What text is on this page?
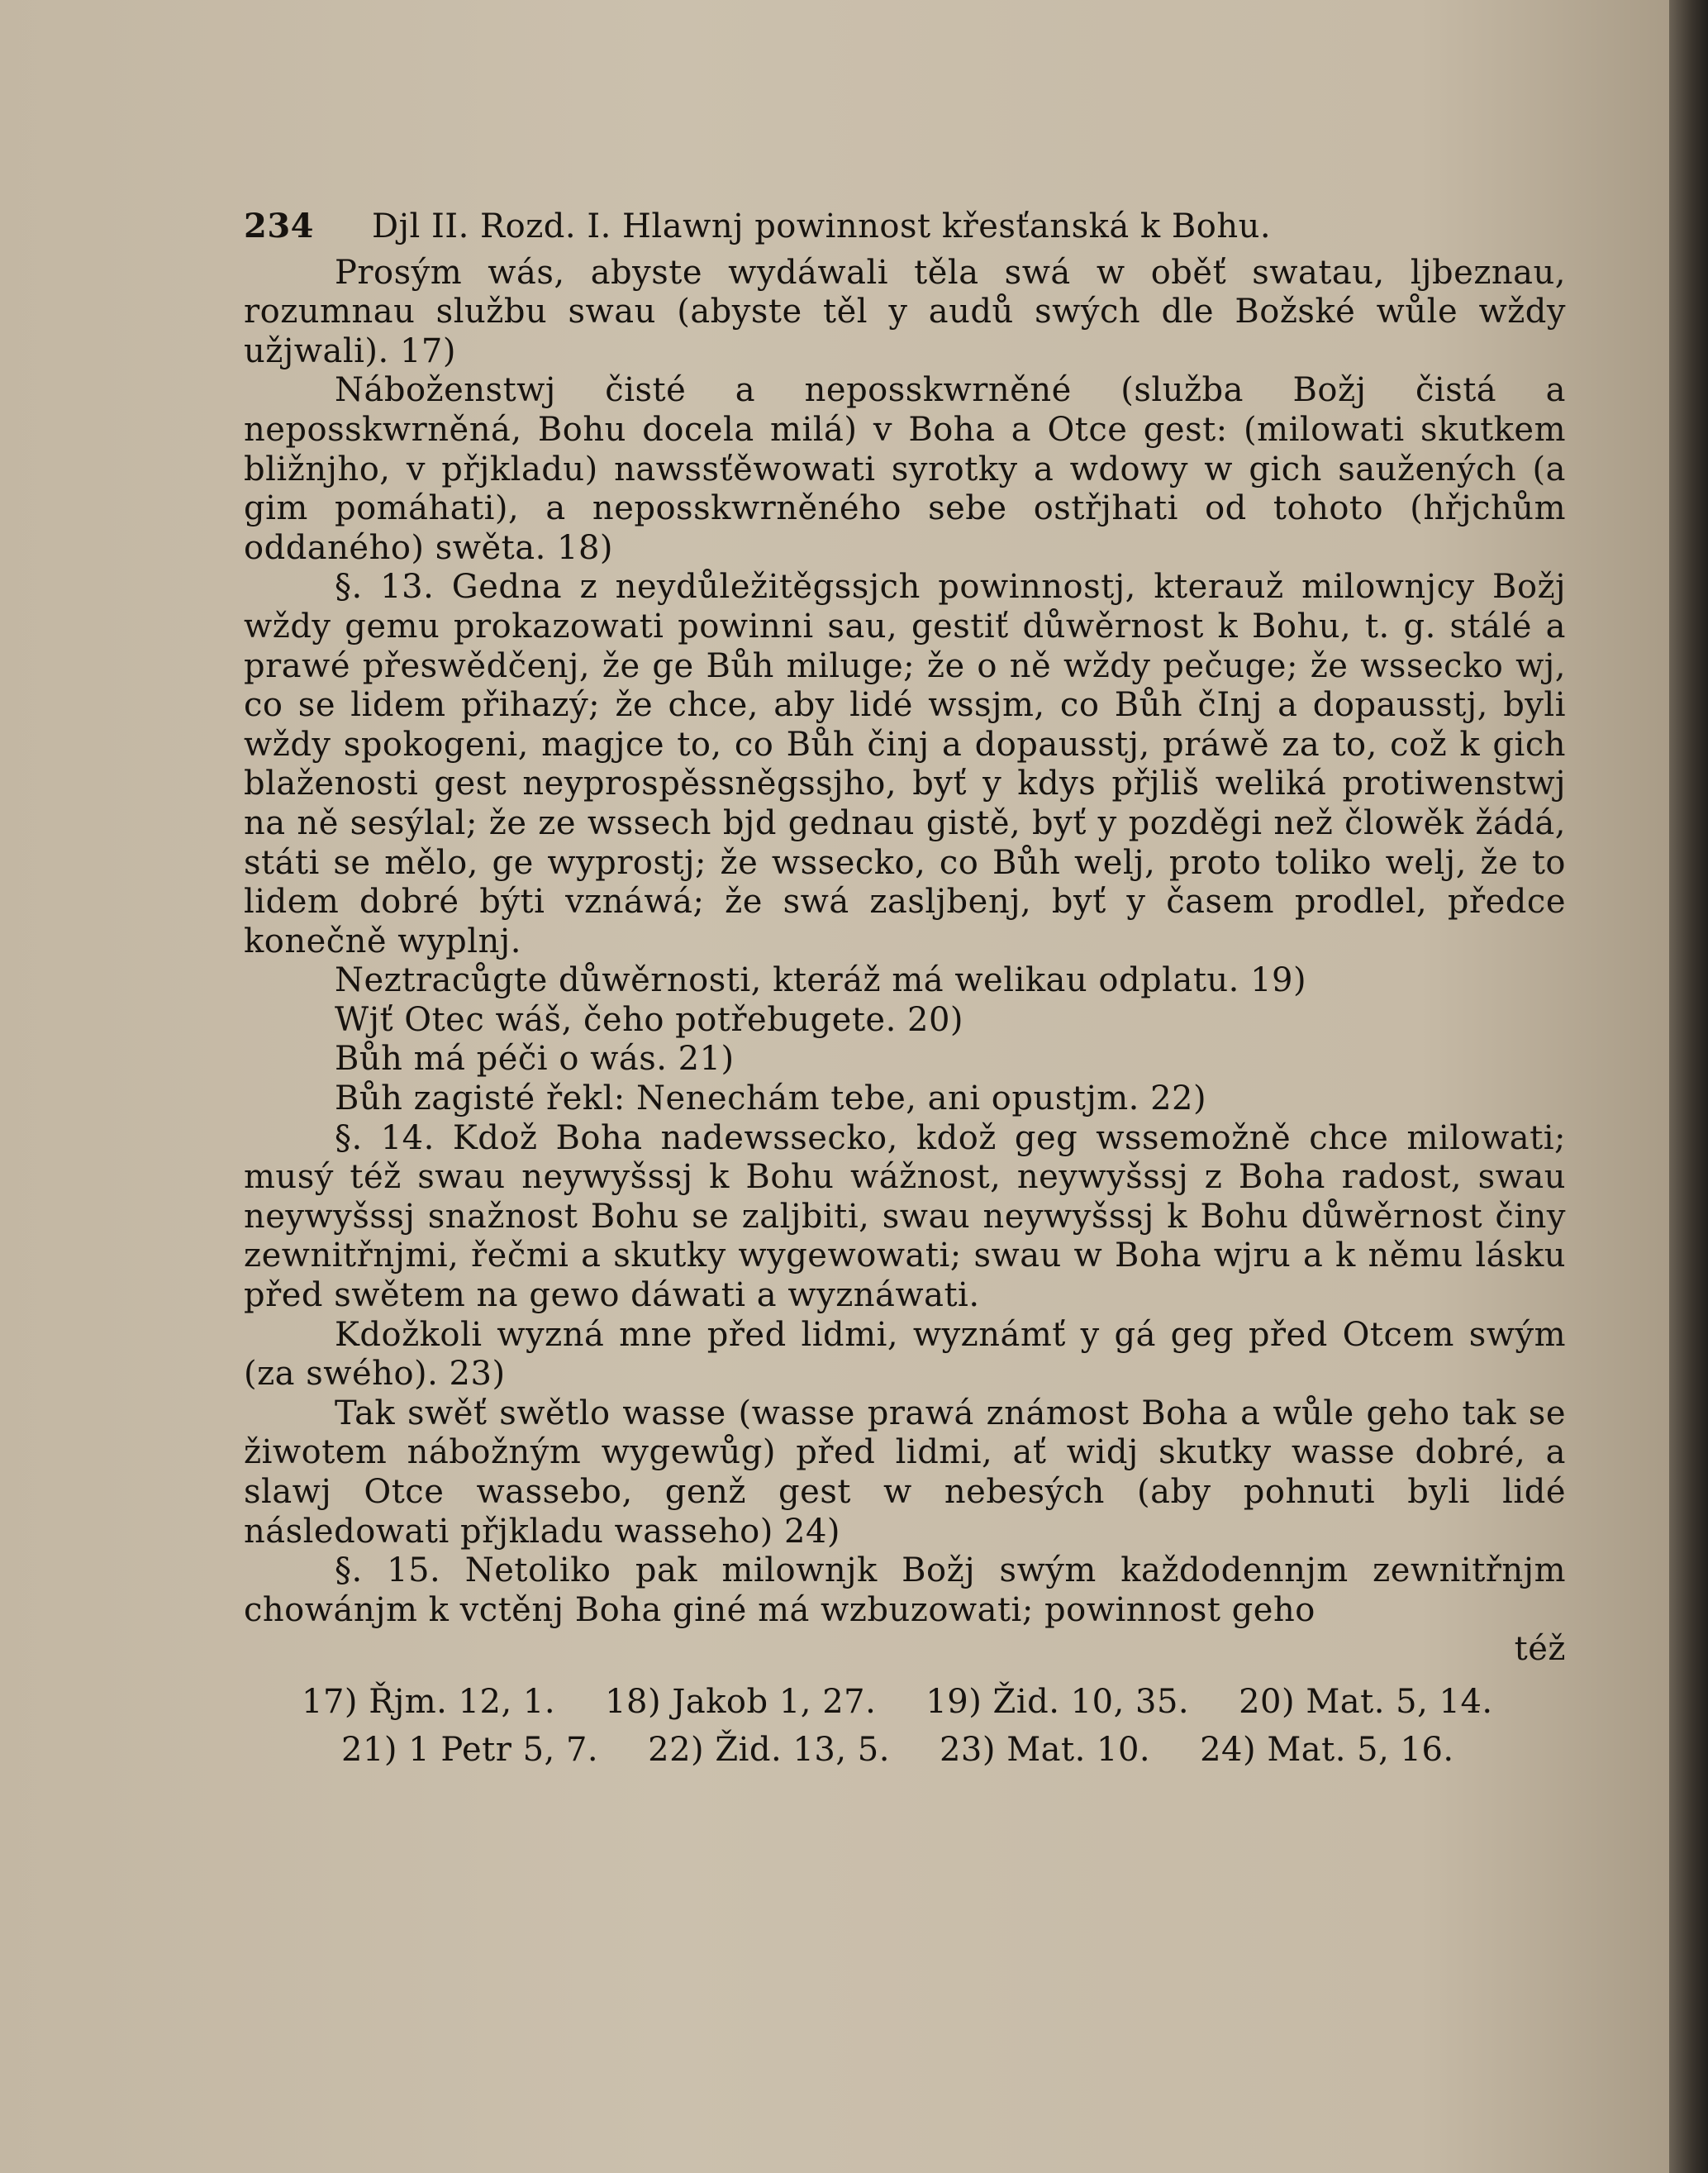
234 Djl II. Rozd. I. Hlawnj powinnost křesťanská k Bohu.

Prosým wás, abyste wydáwali těla swá w oběť swatau, ljbeznau, rozumnau službu swau (abyste těl y audů swých dle Božské wůle wždy užjwali). 17)

Náboženstwj čisté a neposskwrněné (služba Božj čistá a neposskwrněná, Bohu docela milá) v Boha a Otce gest: (milowati skutkem bližnjho, v přjkladu) nawssťěwowati syrotky a wdowy w gich saužených (a gim pomáhati), a neposskwrněného sebe ostřjhati od tohoto (hřjchům oddaného) swěta. 18)

§. 13. Gedna z neydůležitěgssjch powinnostj, kterauž milownjcy Božj wždy gemu prokazowati powinni sau, gestiť důwěrnost k Bohu, t. g. stálé a prawé přeswědčenj, že ge Bůh miluge; že o ně wždy pečuge; že wssecko wj, co se lidem přihazý; že chce, aby lidé wssjm, co Bůh čInj a dopausstj, byli wždy spokogeni, magjce to, co Bůh činj a dopausstj, práwě za to, což k gich blaženosti gest neyprospěssněgssjho, byť y kdys přjliš weliká protiwenstwj na ně sesýlal; že ze wssech bjd gednau gistě, byť y pozděgi než člowěk žádá, státi se mělo, ge wyprostj; že wssecko, co Bůh welj, proto toliko welj, že to lidem dobré býti vznáwá; že swá zasljbenj, byť y časem prodlel, předce konečně wyplnj.

Neztracůgte důwěrnosti, kteráž má welikau odplatu. 19)

Wjť Otec wáš, čeho potřebugete. 20)

Bůh má péči o wás. 21)

Bůh zagisté řekl: Nenechám tebe, ani opustjm. 22)

§. 14. Kdož Boha nadewssecko, kdož geg wssemožně chce milowati; musý též swau neywyšssj k Bohu wážnost, neywyšssj z Boha radost, swau neywyšssj snažnost Bohu se zaljbiti, swau neywyšssj k Bohu důwěrnost činy zewnitřnjmi, řečmi a skutky wygewowati; swau w Boha wjru a k němu lásku před swětem na gewo dáwati a wyznáwati.

Kdožkoli wyzná mne před lidmi, wyznámť y gá geg před Otcem swým (za swého). 23)

Tak swěť swětlo wasse (wasse prawá známost Boha a wůle geho tak se žiwotem nábožným wygewůg) před lidmi, ať widj skutky wasse dobré, a slawj Otce wassebo, genž gest w nebesých (aby pohnuti byli lidé následowati přjkladu wasseho) 24)

§. 15. Netoliko pak milownjk Božj swým každodennjm zewnitřnjm chowánjm k vctěnj Boha giné má wzbuzowati; powinnost geho

též

17) Řjm. 12, 1. 18) Jakob 1, 27. 19) Žid. 10, 35. 20) Mat. 5, 14.
21) 1 Petr 5, 7. 22) Žid. 13, 5. 23) Mat. 10. 24) Mat. 5, 16.
